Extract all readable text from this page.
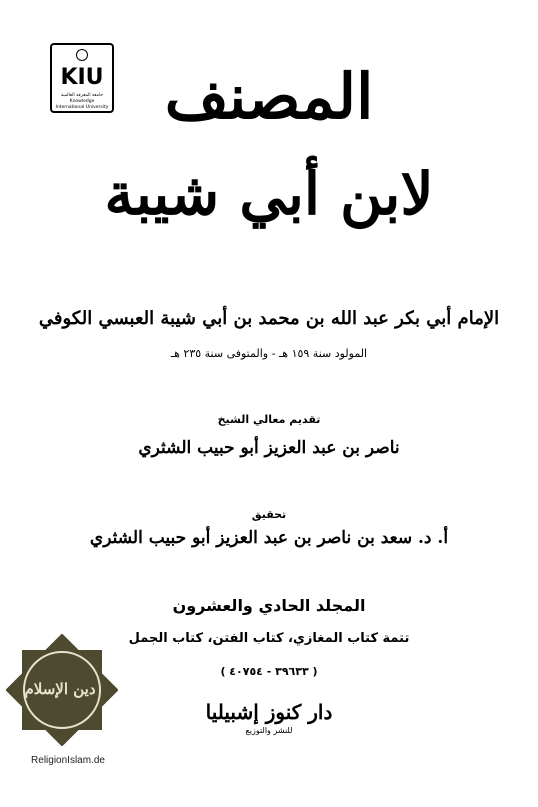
KIU
جامعة المعرفة العالمية Knowledge International University المصنف
لابن أبي شيبة
الإمام أبي بكر عبد الله بن محمد بن أبي شيبة العبسي الكوفي
المولود سنة ١٥٩ هـ - والمتوفى سنة ٢٣٥ هـ
تقديم معالي الشيخ
ناصر بن عبد العزيز أبو حبيب الشثري
تحقيق
أ. د. سعد بن ناصر بن عبد العزيز أبو حبيب الشثري
المجلد الحادي والعشرون
تتمة كتاب المغازي، كتاب الفتن، كتاب الجمل
( ٣٩٦٣٣ - ٤٠٧٥٤ )
دار كنوز إشبيليا
للنشر والتوزيع
دين الإسلام
ReligionIslam.de
